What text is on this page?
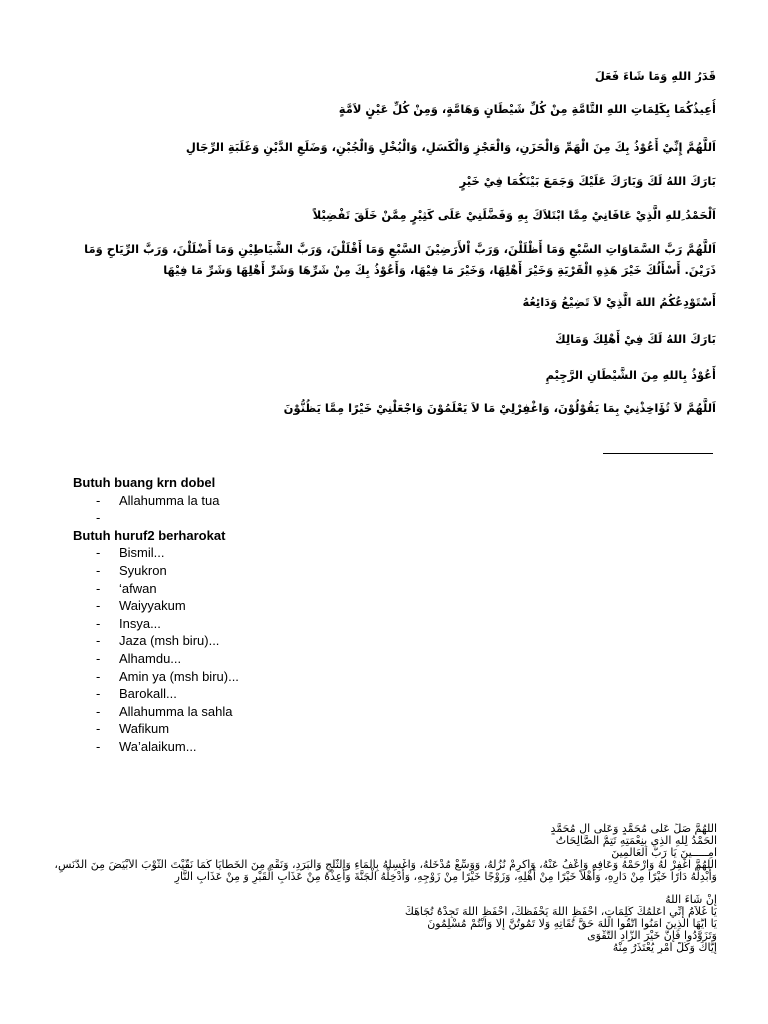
قَدَرُ اللهِ وَمَا شَاءَ فَعَلَ
أُعِيذُكُمَا بِكَلِمَاتِ اللهِ التَّامَّةِ مِنْ كُلِّ شَيْطَانٍ وَهَامَّةٍ، وَمِنْ كُلِّ عَيْنٍ لاَمَّةٍ
اَللَّهُمَّ إِنِّيْ أَعُوْذُ بِكَ مِنَ الْهَمِّ وَالْحَزَنِ، وَالْعَجْزِ وَالْكَسَلِ، وَالْبُخْلِ وَالْجُبْنِ، وَضَلَعِ الدَّيْنِ وَغَلَبَةِ الرِّجَالِ
بَارَكَ اللهُ لَكَ وَبَارَكَ عَلَيْكَ وَجَمَعَ بَيْنَكُمَا فِيْ خَيْرٍ
اَلْحَمْدُ ِللهِ الَّذِيْ عَافَانِيْ مِمَّا ابْتَلاَكَ بِهِ وَفَضَّلَنِيْ عَلَى كَثِيْرٍ مِمَّنْ خَلَقَ تَفْضِيْلاً
اَللَّهُمَّ رَبَّ السَّمَاوَاتِ السَّبْعِ وَمَا أَظْلَلْنَ، وَرَبَّ اْلأَرَضِيْنَ السَّبْعِ وَمَا أَقْلَلْنَ، وَرَبَّ الشَّيَاطِيْنِ وَمَا أَضْلَلْنَ، وَرَبَّ الرِّيَاحِ وَمَا ذَرَيْنَ. أَسْأَلُكَ خَيْرَ هَذِهِ الْقَرْيَةِ وَخَيْرَ أَهْلِهَا، وَخَيْرَ مَا فِيْهَا، وَأَعُوْذُ بِكَ مِنْ شَرِّهَا وَشَرِّ أَهْلِهَا وَشَرِّ مَا فِيْهَا
أَسْتَوْدِعُكُمُ اللهَ الَّذِيْ لاَ تَضِيْعُ وَدَائِعُهُ
بَارَكَ اللهُ لَكَ فِيْ أَهْلِكَ وَمَالِكَ
أَعُوْذُ بِاللهِ مِنَ الشَّيْطَانِ الرَّجِيْمِ
اَللَّهُمَّ لاَ تُؤَاخِذْنِيْ بِمَا يَقُوْلُوْنَ، وَاغْفِرْلِيْ مَا لاَ يَعْلَمُوْنَ وَاجْعَلْنِيْ خَيْرًا مِمَّا يَظُنُّوْنَ
Butuh buang krn dobel
- Allahumma la tua
-
Butuh huruf2 berharokat
- Bismil...
- Syukron
- ‘afwan
- Waiyyakum
- Insya...
- Jaza (msh biru)...
- Alhamdu...
- Amin ya (msh biru)...
- Barokall...
- Allahumma la sahla
- Wafikum
- Wa’alaikum...
اللَّهُمَّ صَلِّ عَلَى مُحَمَّدٍ وَعَلَى آلِ مُحَمَّدٍ
الْحَمْدُ لِلَّهِ الَّذِي بِنِعْمَتِهِ تَتِمُّ الصَّالِحَاتُ
آمِـــــينَ يَا رَبَّ الْعَالَمِينَ
اللَّهُمَّ اغْفِرْ لَهُ وَارْحَمْهُ وَعَافِهِ وَاعْفُ عَنْهُ، وَأَكْرِمْ نُزُلَهُ، وَوَسِّعْ مُدْخَلَهُ، وَاغْسِلْهُ بِالْمَاءِ وَالثَّلْجِ وَالْبَرَدِ، وَنَقِّهِ مِنَ الْخَطَايَا كَمَا نَقَّيْتَ الثَّوْبَ الأَبْيَضَ مِنَ الدَّنَسِ، وَأَبْدِلْهُ دَارًا خَيْرًا مِنْ دَارِهِ، وَأَهْلاً خَيْرًا مِنْ أَهْلِهِ، وَزَوْجًا خَيْرًا مِنْ زَوْجِهِ، وَأَدْخِلْهُ الْجَنَّةَ وَأَعِذْهُ مِنْ عَذَابِ الْقَبْرِ وَ مِنْ عَذَابِ النَّارِ
إِنْ شَاءَ اللهُ
يَا غُلاَمُ إِنِّي أُعَلِّمُكَ كَلِمَاتٍ، احْفَظِ اللَّهَ يَحْفَظْكَ، احْفَظِ اللَّهَ تَجِدْهُ تُجَاهَكَ
يَا أَيُّهَا الَّذِينَ آمَنُوا اتَّقُوا اللَّهَ حَقَّ تُقَاتِهِ وَلَا تَمُوتُنَّ إِلَّا وَأَنْتُمْ مُسْلِمُونَ
وَتَزَوَّدُوا فَإِنَّ خَيْرَ الزَّادِ التَّقْوَى
إِيَّاكَ وَكُلَّ أَمْرٍ يُعْتَذَرُ مِنْهُ
